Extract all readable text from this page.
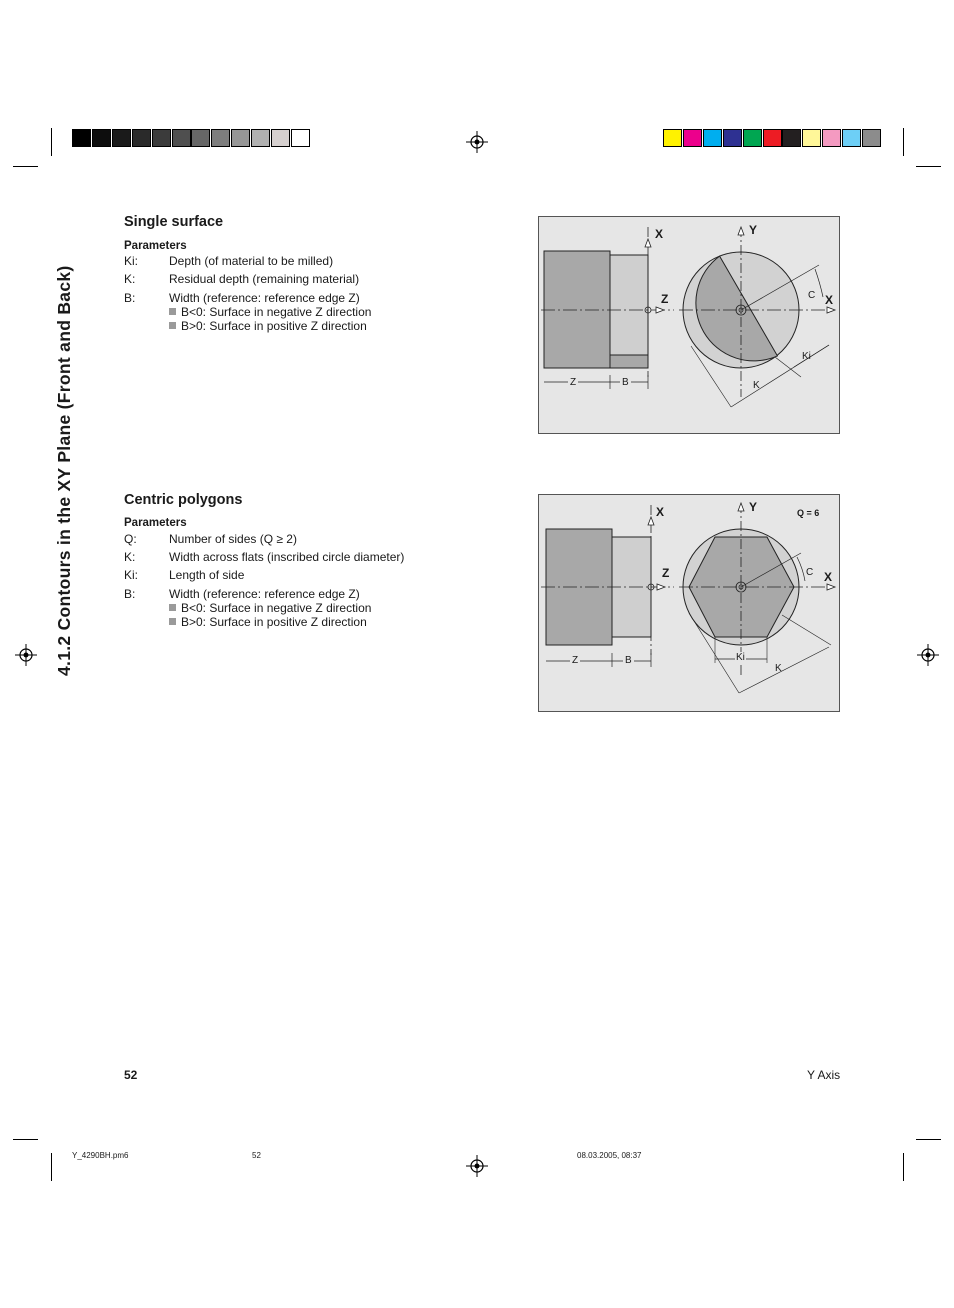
4.1.2 Contours in the XY Plane (Front and Back)
Single surface
Parameters
Ki:	Depth (of material to be milled)
K:	Residual depth (remaining material)
B:	Width (reference: reference edge Z)
B<0: Surface in negative Z direction
B>0: Surface in positive Z direction
X	Y
Z	X
C
Ki
K
Z	B
Centric polygons
Parameters
Q:	Number of sides (Q ≥ 2)
K:	Width across flats (inscribed circle diameter)
Ki:	Length of side
B:	Width (reference: reference edge Z)
B<0: Surface in negative Z direction
B>0: Surface in positive Z direction
X	Y	Q = 6
Z	X
C
Ki
K
Z	B
52	Y Axis
Y_4290BH.pm6	52	08.03.2005, 08:37
